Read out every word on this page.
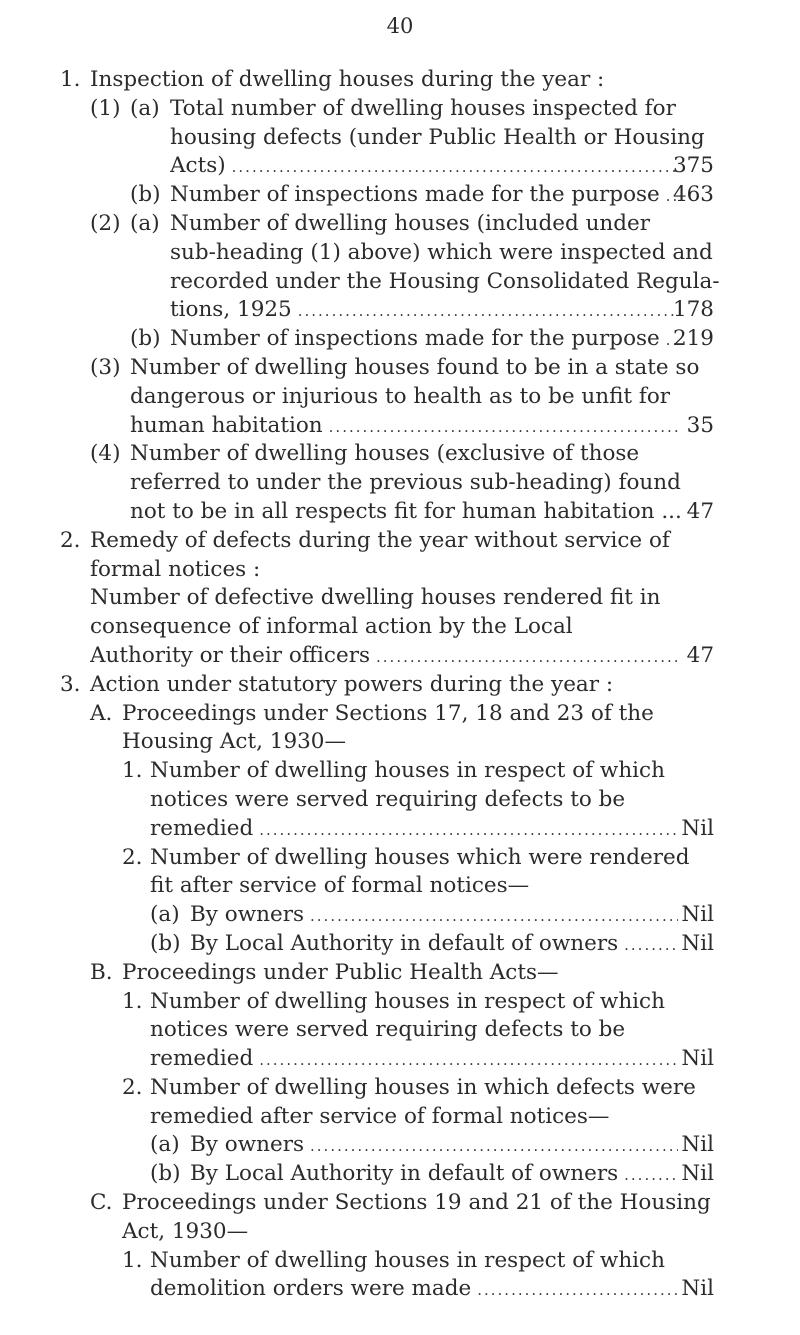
40
1. Inspection of dwelling houses during the year :
(1) (a) Total number of dwelling houses inspected for
housing defects (under Public Health or Housing
Acts) .....	375
(b) Number of inspections made for the purpose ..... 463
(2) (a) Number of dwelling houses (included under
sub-heading (1) above) which were inspected and
recorded under the Housing Consolidated Regula-
tions, 1925 .....	178
(b) Number of inspections made for the purpose ..... 219
(3) Number of dwelling houses found to be in a state so
dangerous or injurious to health as to be unfit for
human habitation .....	35
(4) Number of dwelling houses (exclusive of those
referred to under the previous sub-heading) found
not to be in all respects fit for human habitation ... 47
2. Remedy of defects during the year without service of
formal notices :
Number of defective dwelling houses rendered fit in
consequence of informal action by the Local
Authority or their officers .....	47
3. Action under statutory powers during the year :
A. Proceedings under Sections 17, 18 and 23 of the
Housing Act, 1930—
1. Number of dwelling houses in respect of which
notices were served requiring defects to be
remedied .....	Nil
2. Number of dwelling houses which were rendered
fit after service of formal notices—
(a) By owners .....	Nil
(b) By Local Authority in default of owners .....	Nil
B. Proceedings under Public Health Acts—
1. Number of dwelling houses in respect of which
notices were served requiring defects to be
remedied .....	Nil
2. Number of dwelling houses in which defects were
remedied after service of formal notices—
(a) By owners .....	Nil
(b) By Local Authority in default of owners .....	Nil
C. Proceedings under Sections 19 and 21 of the Housing
Act, 1930—
1. Number of dwelling houses in respect of which
demolition orders were made .....	Nil
